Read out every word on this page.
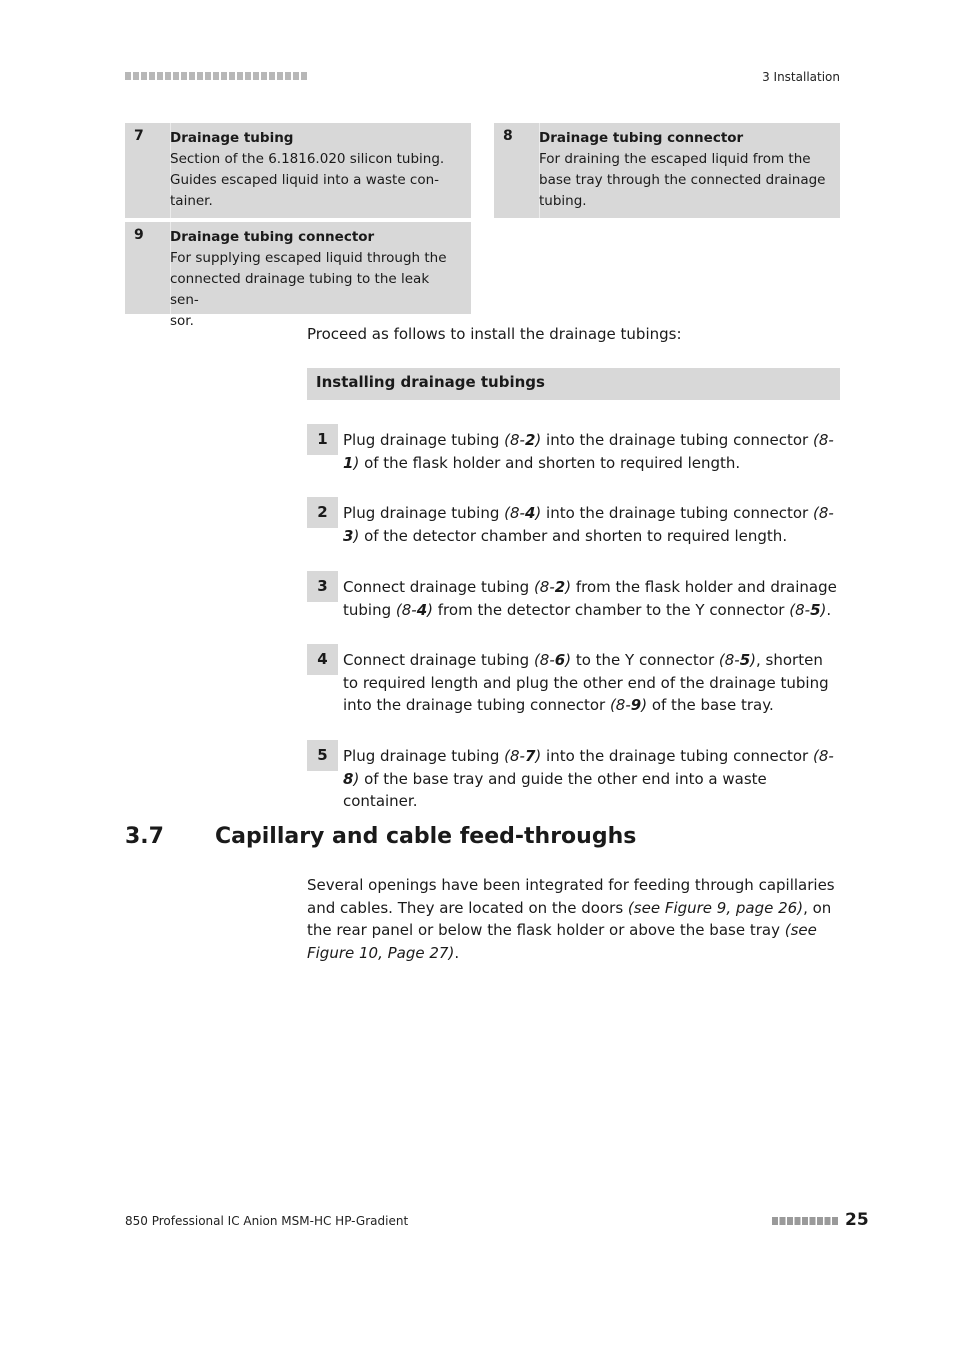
3 Installation
7 Drainage tubing
Section of the 6.1816.020 silicon tubing.
Guides escaped liquid into a waste con-
tainer.
8 Drainage tubing connector
For draining the escaped liquid from the
base tray through the connected drainage
tubing.
9 Drainage tubing connector
For supplying escaped liquid through the
connected drainage tubing to the leak sen-
sor.
Proceed as follows to install the drainage tubings:
Installing drainage tubings
1	Plug drainage tubing (8-2) into the drainage tubing connector (8-1) of the flask holder and shorten to required length.
2	Plug drainage tubing (8-4) into the drainage tubing connector (8-3) of the detector chamber and shorten to required length.
3	Connect drainage tubing (8-2) from the flask holder and drainage tubing (8-4) from the detector chamber to the Y connector (8-5).
4	Connect drainage tubing (8-6) to the Y connector (8-5), shorten to required length and plug the other end of the drainage tubing into the drainage tubing connector (8-9) of the base tray.
5	Plug drainage tubing (8-7) into the drainage tubing connector (8-8) of the base tray and guide the other end into a waste container.
3.7 Capillary and cable feed-throughs
Several openings have been integrated for feeding through capillaries and cables. They are located on the doors (see Figure 9, page 26), on the rear panel or below the flask holder or above the base tray (see Figure 10, Page 27).
850 Professional IC Anion MSM-HC HP-Gradient	25
